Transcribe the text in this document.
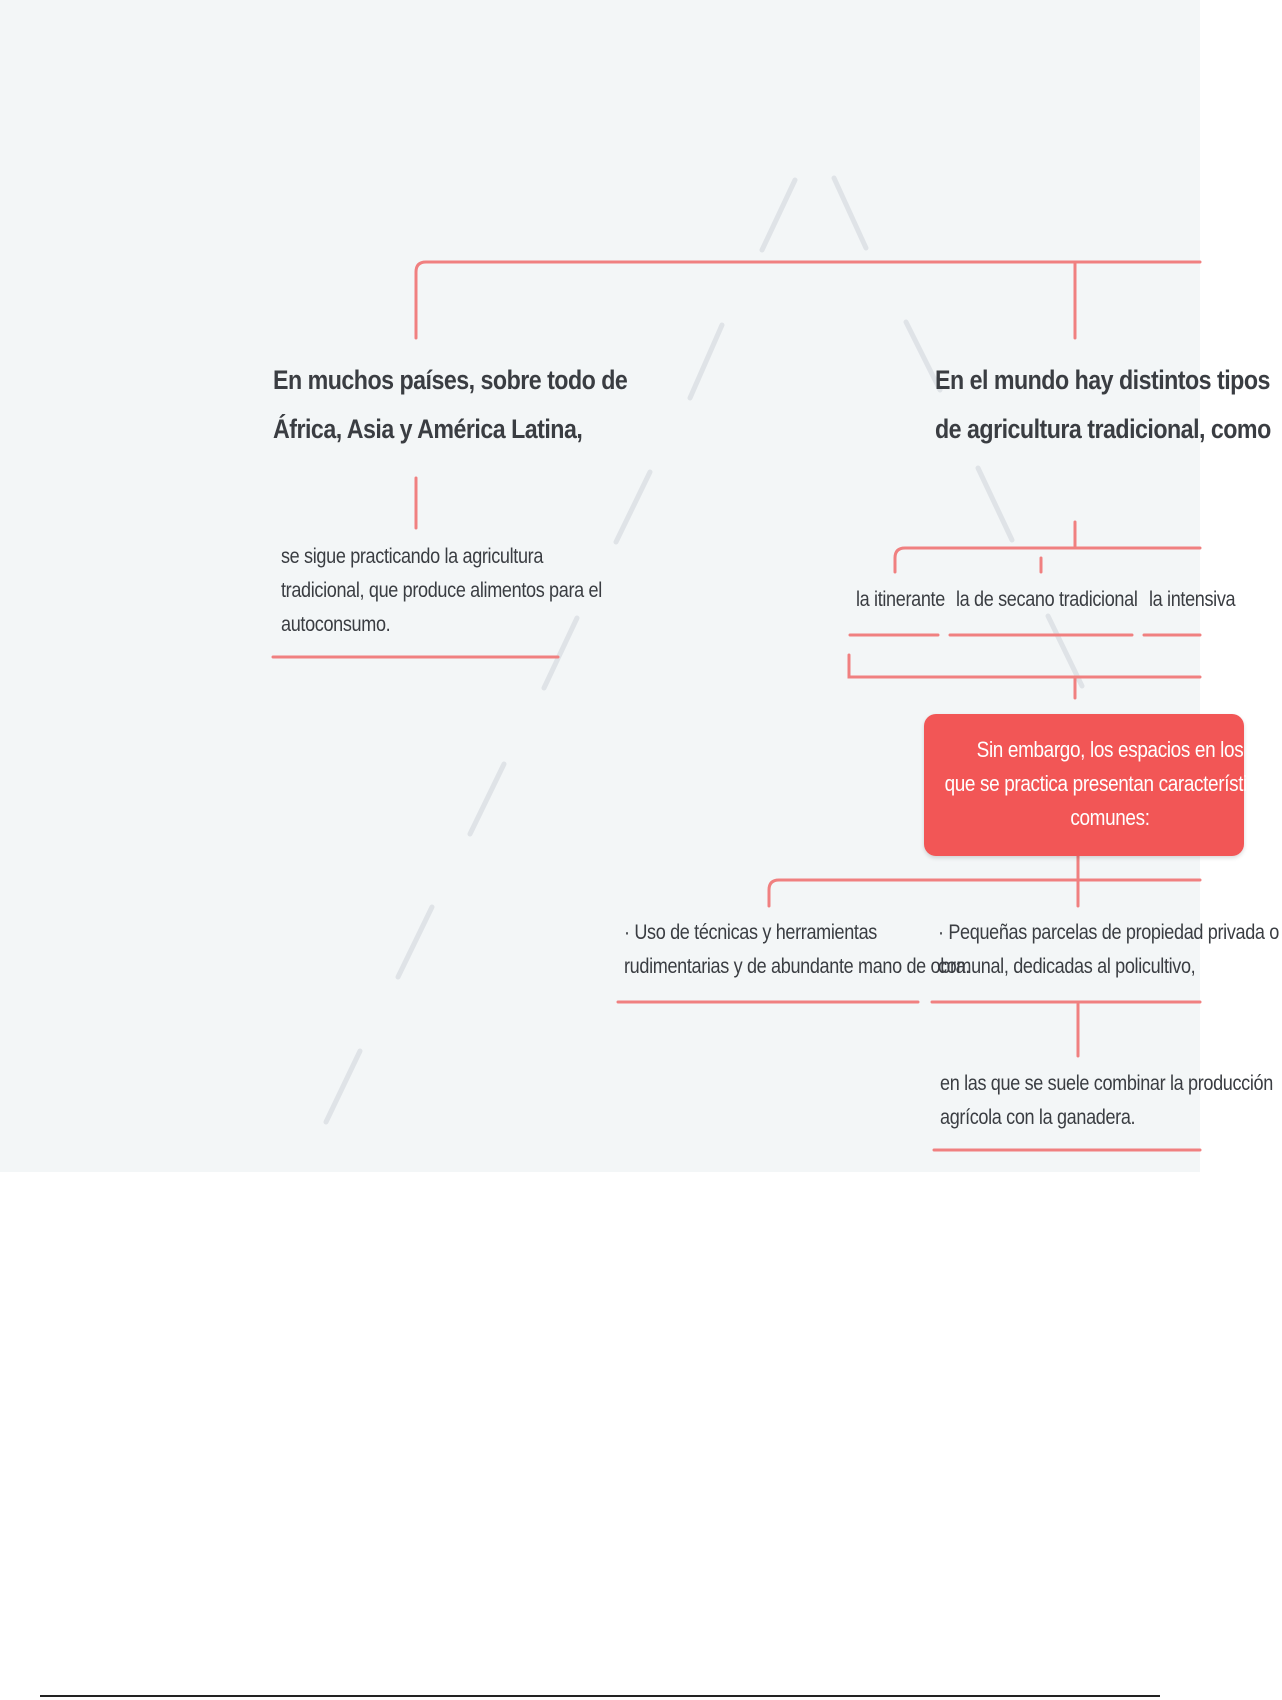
En muchos países, sobre todo de
África, Asia y América Latina,
se sigue practicando la agricultura
tradicional, que produce alimentos para el
autoconsumo.
En el mundo hay distintos tipos
de agricultura tradicional, como
la itinerante la de secano tradicional la intensiva
Sin embargo, los espacios en los
que se practica presentan características
comunes:
· Uso de técnicas y herramientas
rudimentarias y de abundante mano de obra.
· Pequeñas parcelas de propiedad privada o
comunal, dedicadas al policultivo,
en las que se suele combinar la producción
agrícola con la ganadera.
